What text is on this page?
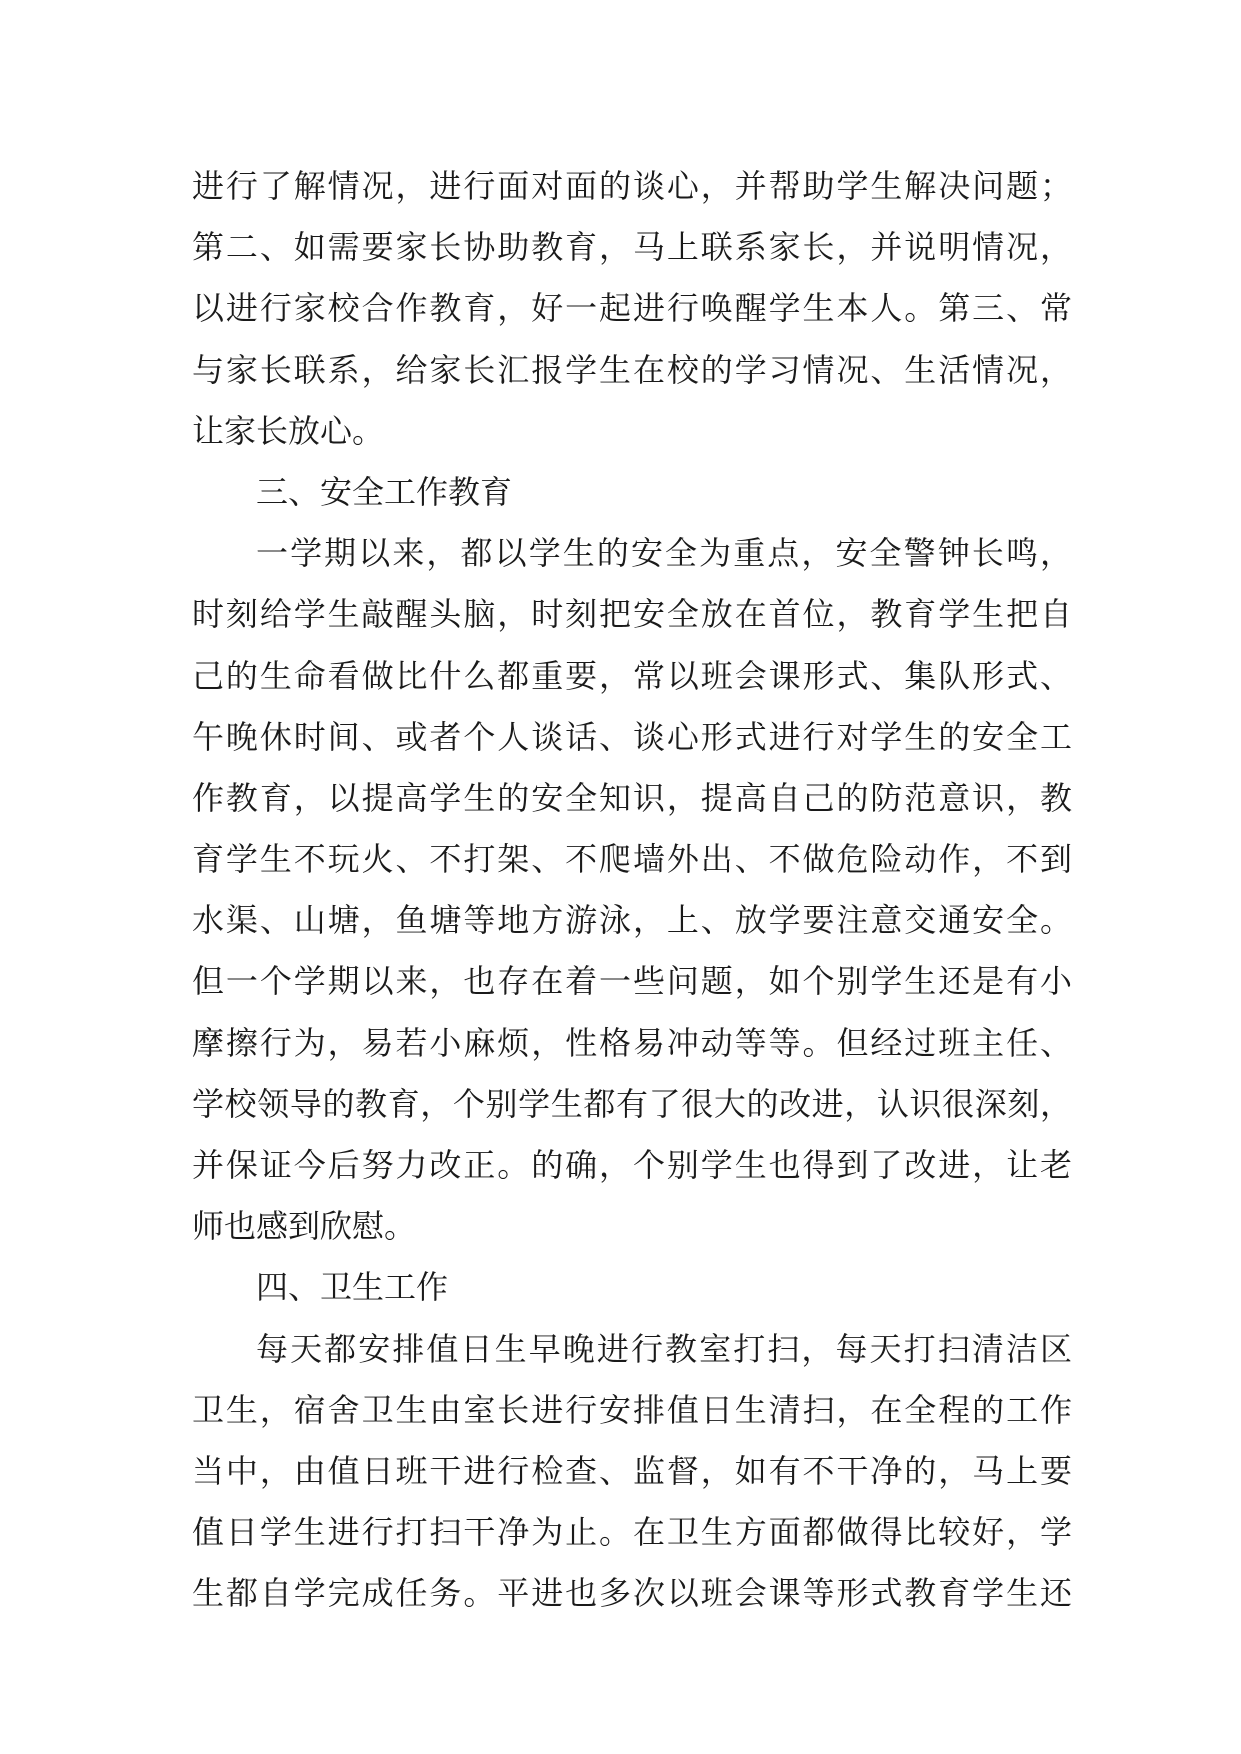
进行了解情况，进行面对面的谈心，并帮助学生解决问题；
第二、如需要家长协助教育，马上联系家长，并说明情况，
以进行家校合作教育，好一起进行唤醒学生本人。第三、常
与家长联系，给家长汇报学生在校的学习情况、生活情况，
让家长放心。
三、安全工作教育
一学期以来，都以学生的安全为重点，安全警钟长鸣，
时刻给学生敲醒头脑，时刻把安全放在首位，教育学生把自
己的生命看做比什么都重要，常以班会课形式、集队形式、
午晚休时间、或者个人谈话、谈心形式进行对学生的安全工
作教育，以提高学生的安全知识，提高自己的防范意识，教
育学生不玩火、不打架、不爬墙外出、不做危险动作，不到
水渠、山塘，鱼塘等地方游泳，上、放学要注意交通安全。
但一个学期以来，也存在着一些问题，如个别学生还是有小
摩擦行为，易若小麻烦，性格易冲动等等。但经过班主任、
学校领导的教育，个别学生都有了很大的改进，认识很深刻，
并保证今后努力改正。的确，个别学生也得到了改进，让老
师也感到欣慰。
四、卫生工作
每天都安排值日生早晚进行教室打扫，每天打扫清洁区
卫生，宿舍卫生由室长进行安排值日生清扫，在全程的工作
当中，由值日班干进行检查、监督，如有不干净的，马上要
值日学生进行打扫干净为止。在卫生方面都做得比较好，学
生都自学完成任务。平进也多次以班会课等形式教育学生还
